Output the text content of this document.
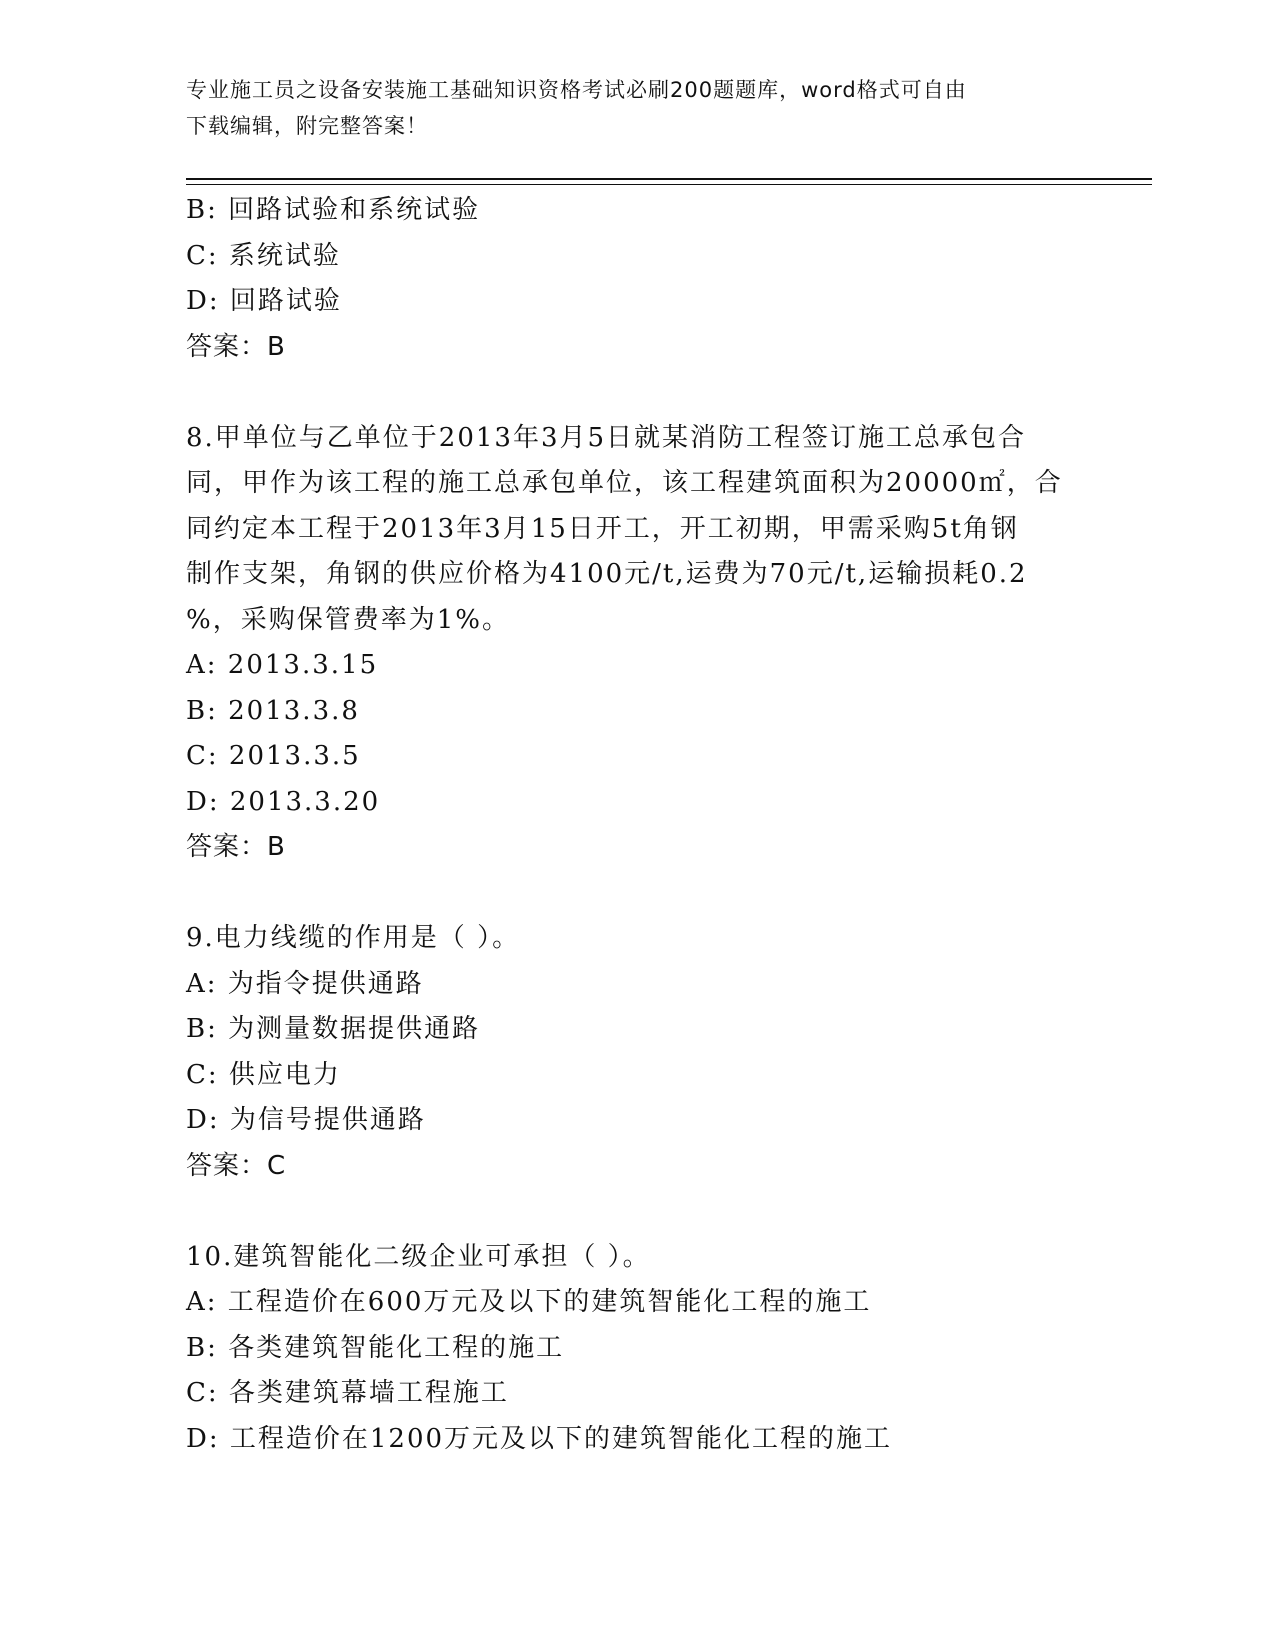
专业施工员之设备安装施工基础知识资格考试必刷200题题库，word格式可自由
下载编辑，附完整答案！
B: 回路试验和系统试验
C: 系统试验
D: 回路试验
答案：B
8.甲单位与乙单位于2013年3月5日就某消防工程签订施工总承包合
同，甲作为该工程的施工总承包单位，该工程建筑面积为20000㎡，合
同约定本工程于2013年3月15日开工，开工初期，甲需采购5t角钢
制作支架，角钢的供应价格为4100元/t,运费为70元/t,运输损耗0.2
%，采购保管费率为1%。
A: 2013.3.15
B: 2013.3.8
C: 2013.3.5
D: 2013.3.20
答案：B
9.电力线缆的作用是（ ）。
A: 为指令提供通路
B: 为测量数据提供通路
C: 供应电力
D: 为信号提供通路
答案：C
10.建筑智能化二级企业可承担（ ）。
A: 工程造价在600万元及以下的建筑智能化工程的施工
B: 各类建筑智能化工程的施工
C: 各类建筑幕墙工程施工
D: 工程造价在1200万元及以下的建筑智能化工程的施工
